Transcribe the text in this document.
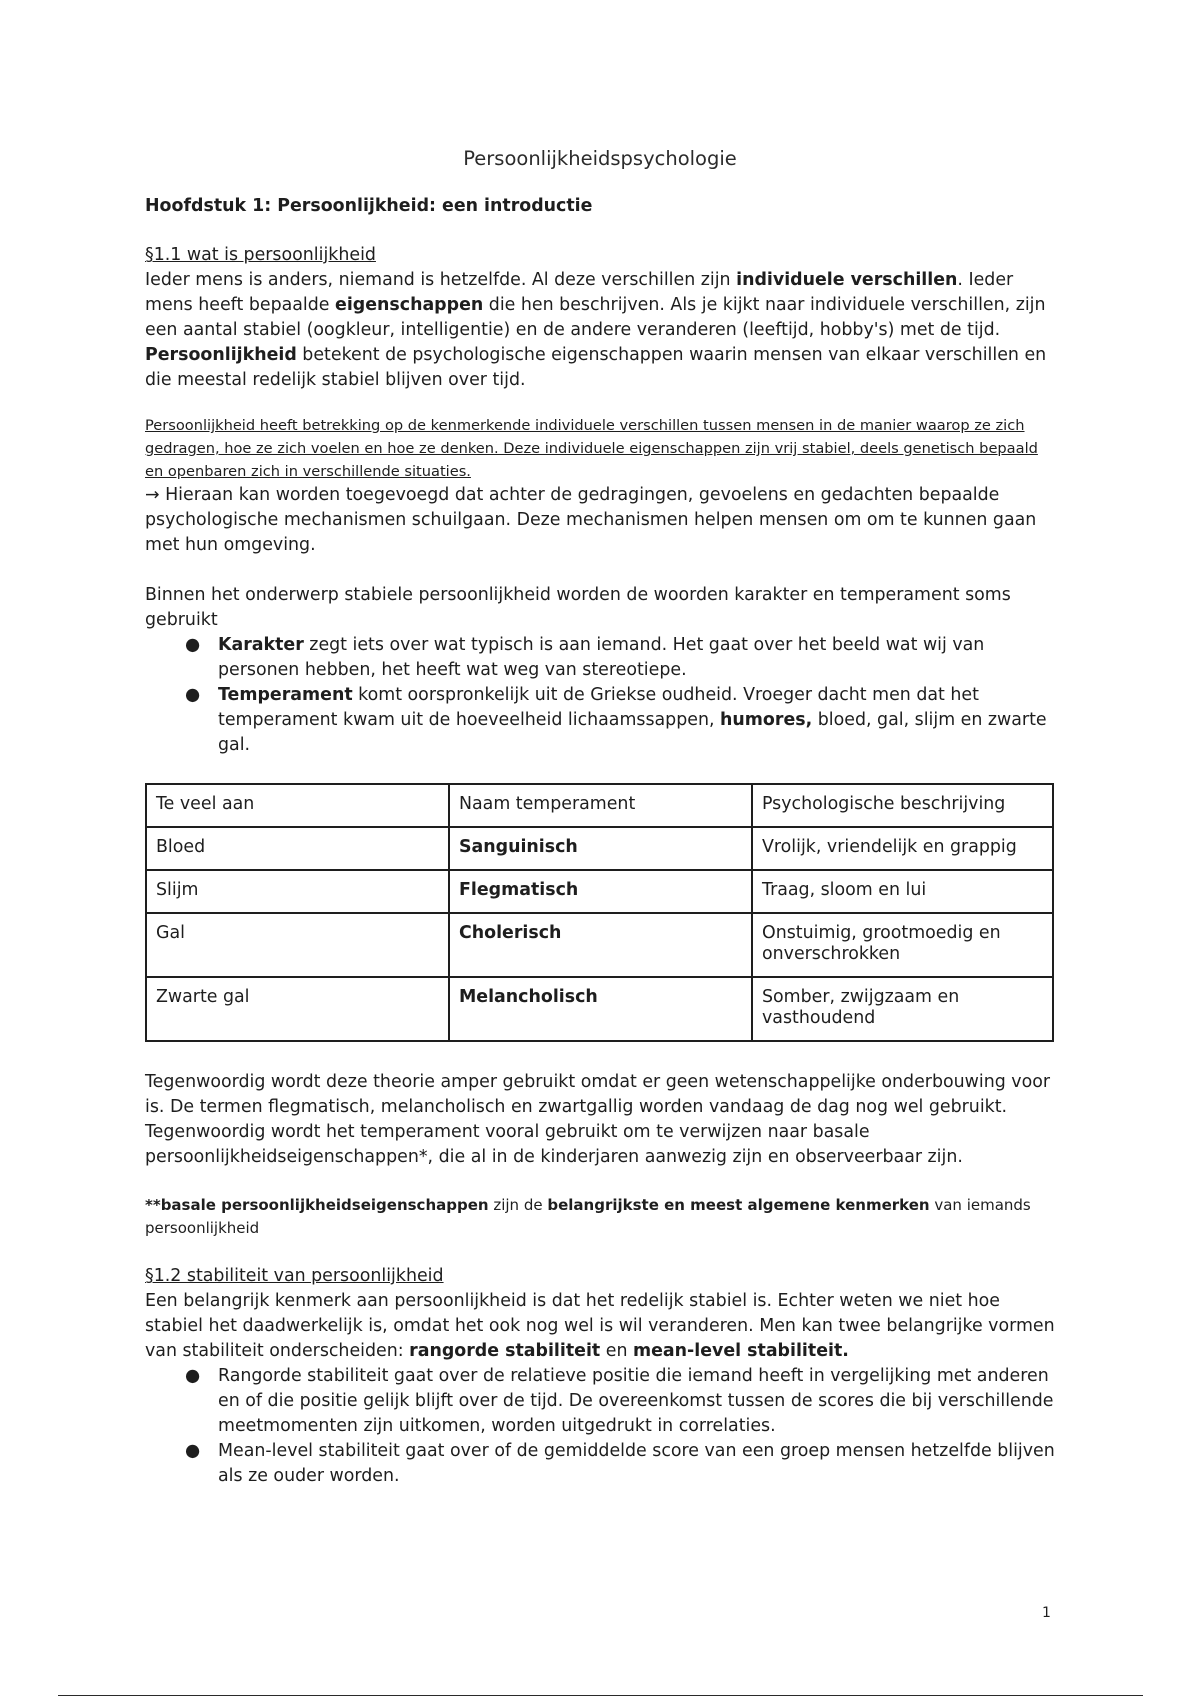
Persoonlijkheidspsychologie
Hoofdstuk 1: Persoonlijkheid: een introductie

§1.1 wat is persoonlijkheid

Ieder mens is anders, niemand is hetzelfde. Al deze verschillen zijn individuele verschillen. Ieder mens heeft bepaalde eigenschappen die hen beschrijven. Als je kijkt naar individuele verschillen, zijn een aantal stabiel (oogkleur, intelligentie) en de andere veranderen (leeftijd, hobby's) met de tijd. Persoonlijkheid betekent de psychologische eigenschappen waarin mensen van elkaar verschillen en die meestal redelijk stabiel blijven over tijd.

Persoonlijkheid heeft betrekking op de kenmerkende individuele verschillen tussen mensen in de manier waarop ze zich gedragen, hoe ze zich voelen en hoe ze denken. Deze individuele eigenschappen zijn vrij stabiel, deels genetisch bepaald en openbaren zich in verschillende situaties.

→ Hieraan kan worden toegevoegd dat achter de gedragingen, gevoelens en gedachten bepaalde psychologische mechanismen schuilgaan. Deze mechanismen helpen mensen om om te kunnen gaan met hun omgeving.

Binnen het onderwerp stabiele persoonlijkheid worden de woorden karakter en temperament soms gebruikt

● Karakter zegt iets over wat typisch is aan iemand. Het gaat over het beeld wat wij van personen hebben, het heeft wat weg van stereotiepe.
● Temperament komt oorspronkelijk uit de Griekse oudheid. Vroeger dacht men dat het temperament kwam uit de hoeveelheid lichaamssappen, humores, bloed, gal, slijm en zwarte gal.
Te veel aan	Naam temperament	Psychologische beschrijving
Bloed	Sanguinisch	Vrolijk, vriendelijk en grappig
Slijm	Flegmatisch	Traag, sloom en lui
Gal	Cholerisch	Onstuimig, grootmoedig en onverschrokken
Zwarte gal	Melancholisch	Somber, zwijgzaam en vasthoudend

Tegenwoordig wordt deze theorie amper gebruikt omdat er geen wetenschappelijke onderbouwing voor is. De termen flegmatisch, melancholisch en zwartgallig worden vandaag de dag nog wel gebruikt. Tegenwoordig wordt het temperament vooral gebruikt om te verwijzen naar basale persoonlijkheidseigenschappen*, die al in de kinderjaren aanwezig zijn en observeerbaar zijn.

**basale persoonlijkheidseigenschappen zijn de belangrijkste en meest algemene kenmerken van iemands persoonlijkheid

§1.2 stabiliteit van persoonlijkheid

Een belangrijk kenmerk aan persoonlijkheid is dat het redelijk stabiel is. Echter weten we niet hoe stabiel het daadwerkelijk is, omdat het ook nog wel is wil veranderen. Men kan twee belangrijke vormen van stabiliteit onderscheiden: rangorde stabiliteit en mean-level stabiliteit.

● Rangorde stabiliteit gaat over de relatieve positie die iemand heeft in vergelijking met anderen en of die positie gelijk blijft over de tijd. De overeenkomst tussen de scores die bij verschillende meetmomenten zijn uitkomen, worden uitgedrukt in correlaties.
● Mean-level stabiliteit gaat over of de gemiddelde score van een groep mensen hetzelfde blijven als ze ouder worden.
1
